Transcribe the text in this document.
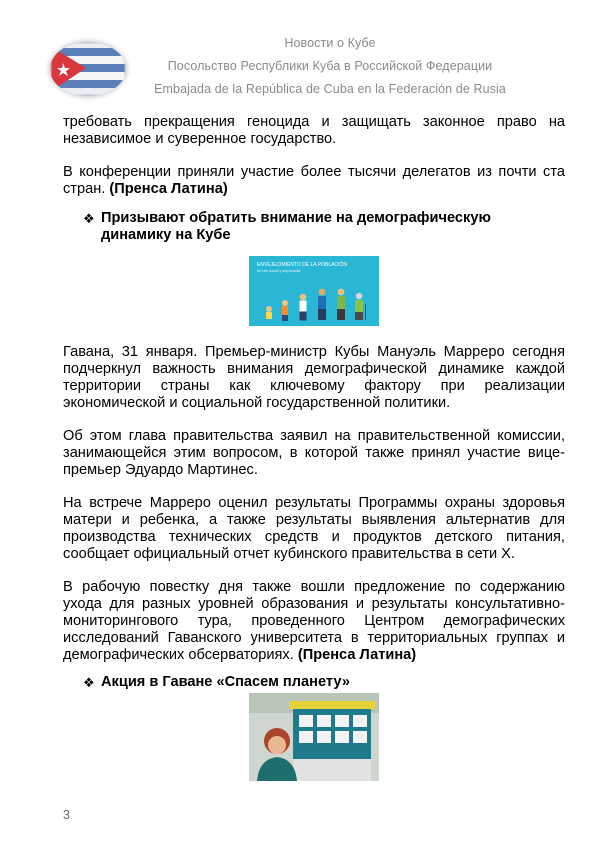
Новости о Кубе
Посольство Республики Куба в Российской Федерации
Embajada de la República de Cuba en la Federación de Rusia

требовать прекращения геноцида и защищать законное право на независимое и суверенное государство.

В конференции приняли участие более тысячи делегатов из почти ста стран. (Пренса Латина)

❖ Призывают обратить внимание на демографическую динамику на Кубе
ENVEJECIMIENTO DE LA POBLACIÓN
Un reto social y empresarial

Гавана, 31 января. Премьер-министр Кубы Мануэль Марреро сегодня подчеркнул важность внимания демографической динамике каждой территории страны как ключевому фактору при реализации экономической и социальной государственной политики.

Об этом глава правительства заявил на правительственной комиссии, занимающейся этим вопросом, в которой также принял участие вице-премьер Эдуардо Мартинес.

На встрече Марреро оценил результаты Программы охраны здоровья матери и ребенка, а также результаты выявления альтернатив для производства технических средств и продуктов детского питания, сообщает официальный отчет кубинского правительства в сети Х.

В рабочую повестку дня также вошли предложение по содержанию ухода для разных уровней образования и результаты консультативно-мониторингового тура, проведенного Центром демографических исследований Гаванского университета в территориальных группах и демографических обсерваториях. (Пренса Латина)

❖ Акция в Гаване «Спасем планету»
3
